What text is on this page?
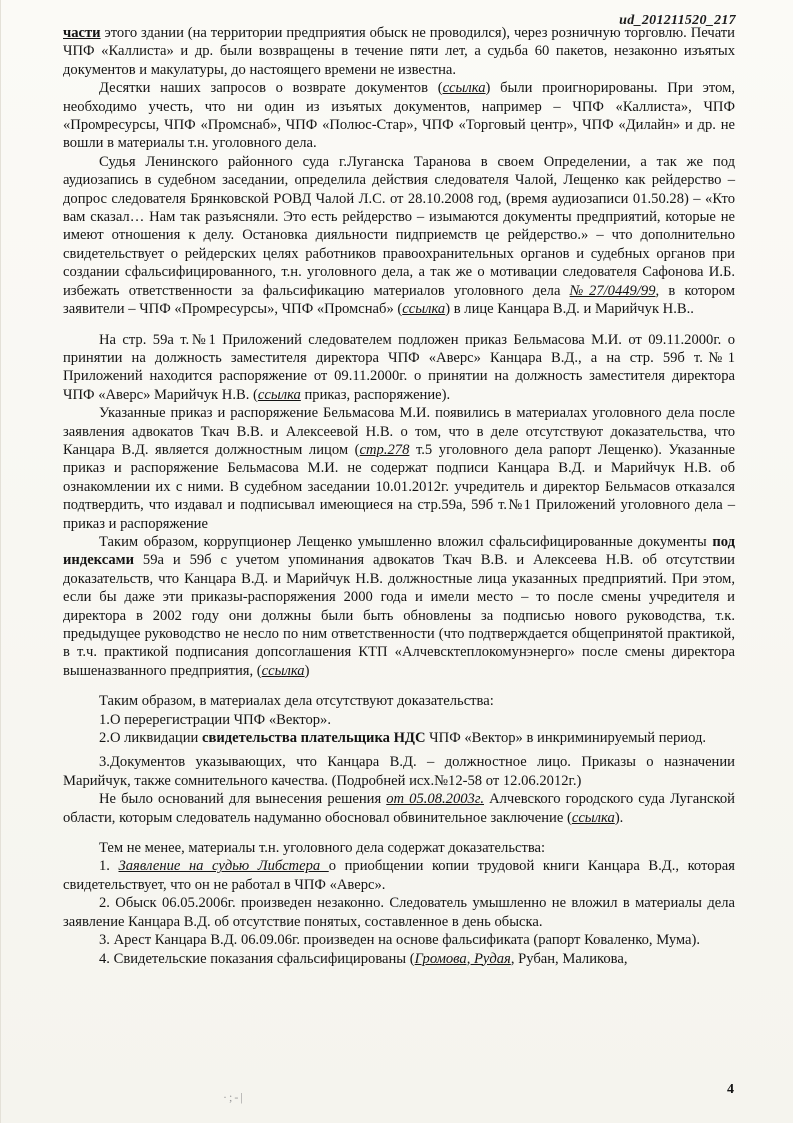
ud_201211520_217

части этого здании (на территории предприятия обыск не проводился), через розничную торговлю. Печати ЧПФ «Каллиста» и др. были возвращены в течение пяти лет, а судьба 60 пакетов, незаконно изъятых документов и макулатуры, до настоящего времени не известна.

Десятки наших запросов о возврате документов (ссылка) были проигнорированы. При этом, необходимо учесть, что ни один из изъятых документов, например – ЧПФ «Каллиста», ЧПФ «Промресурсы, ЧПФ «Промснаб», ЧПФ «Полюс-Стар», ЧПФ «Торговый центр», ЧПФ «Дилайн» и др. не вошли в материалы т.н. уголовного дела.

Судья Ленинского районного суда г.Луганска Таранова в своем Определении, а так же под аудиозапись в судебном заседании, определила действия следователя Чалой, Лещенко как рейдерство – допрос следователя Брянковской РОВД Чалой Л.С. от 28.10.2008 год, (время аудиозаписи 01.50.28) – «Кто вам сказал… Нам так разъясняли. Это есть рейдерство – изымаются документы предприятий, которые не имеют отношения к делу. Остановка дияльности пидприемств це рейдерство.» – что дополнительно свидетельствует о рейдерских целях работников правоохранительных органов и судебных органов при создании сфальсифицированного, т.н. уголовного дела, а так же о мотивации следователя Сафонова И.Б. избежать ответственности за фальсификацию материалов уголовного дела №27/0449/99, в котором заявители – ЧПФ «Промресурсы», ЧПФ «Промснаб» (ссылка) в лице Канцара В.Д. и Марийчук Н.В..

На стр. 59а т.№1 Приложений следователем подложен приказ Бельмасова М.И. от 09.11.2000г. о принятии на должность заместителя директора ЧПФ «Аверс» Канцара В.Д., а на стр. 59б т.№1 Приложений находится распоряжение от 09.11.2000г. о принятии на должность заместителя директора ЧПФ «Аверс» Марийчук Н.В. (ссылка приказ, распоряжение).

Указанные приказ и распоряжение Бельмасова М.И. появились в материалах уголовного дела после заявления адвокатов Ткач В.В. и Алексеевой Н.В. о том, что в деле отсутствуют доказательства, что Канцара В.Д. является должностным лицом (стр.278 т.5 уголовного дела рапорт Лещенко). Указанные приказ и распоряжение Бельмасова М.И. не содержат подписи Канцара В.Д. и Марийчук Н.В. об ознакомлении их с ними. В судебном заседании 10.01.2012г. учредитель и директор Бельмасов отказался подтвердить, что издавал и подписывал имеющиеся на стр.59а, 59б т.№1 Приложений уголовного дела – приказ и распоряжение

Таким образом, коррупционер Лещенко умышленно вложил сфальсифицированные документы под индексами 59а и 59б с учетом упоминания адвокатов Ткач В.В. и Алексеева Н.В. об отсутствии доказательств, что Канцара В.Д. и Марийчук Н.В. должностные лица указанных предприятий. При этом, если бы даже эти приказы-распоряжения 2000 года и имели место – то после смены учредителя и директора в 2002 году они должны были быть обновлены за подписью нового руководства, т.к. предыдущее руководство не несло по ним ответственности (что подтверждается общепринятой практикой, в т.ч. практикой подписания допсоглашения КТП «Алчевсктеплокомунэнерго» после смены директора вышеназванного предприятия, (ссылка)

Таким образом, в материалах дела отсутствуют доказательства:

1.О перерегистрации ЧПФ «Вектор».

2.О ликвидации свидетельства плательщика НДС ЧПФ «Вектор» в инкриминируемый период.

3.Документов указывающих, что Канцара В.Д. – должностное лицо. Приказы о назначении Марийчук, также сомнительного качества. (Подробней исх.№12-58 от 12.06.2012г.)

Не было оснований для вынесения решения от 05.08.2003г. Алчевского городского суда Луганской области, которым следователь надуманно обосновал обвинительное заключение (ссылка).

Тем не менее, материалы т.н. уголовного дела содержат доказательства:

1. Заявление на судью Либстера о приобщении копии трудовой книги Канцара В.Д., которая свидетельствует, что он не работал в ЧПФ «Аверс».

2. Обыск 06.05.2006г. произведен незаконно. Следователь умышленно не вложил в материалы дела заявление Канцара В.Д. об отсутствие понятых, составленное в день обыска.

3. Арест Канцара В.Д. 06.09.06г. произведен на основе фальсификата (рапорт Коваленко, Мума).

4. Свидетельские показания сфальсифицированы (Громова, Рудая, Рубан, Маликова,

·;-|	4
